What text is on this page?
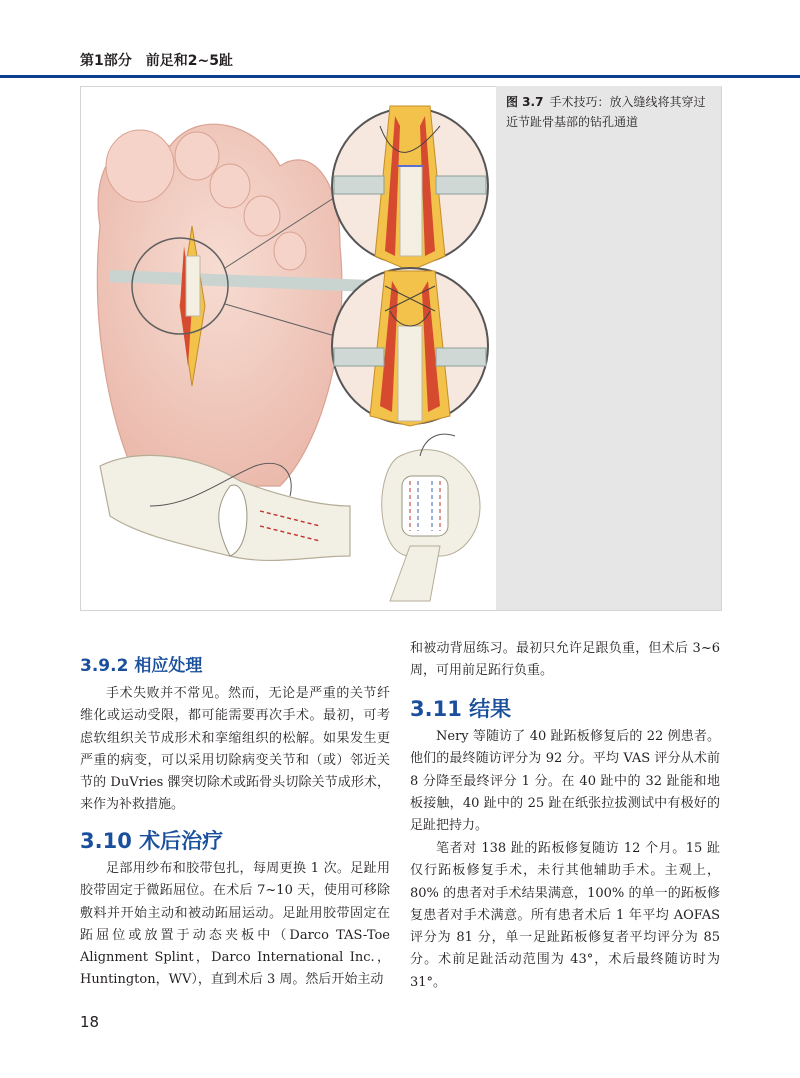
第1部分　前足和2~5趾
图 3.7 手术技巧：放入缝线将其穿过近节趾骨基部的钻孔通道
3.9.2 相应处理

手术失败并不常见。然而，无论是严重的关节纤维化或运动受限，都可能需要再次手术。最初，可考虑软组织关节成形术和挛缩组织的松解。如果发生更严重的病变，可以采用切除病变关节和（或）邻近关节的 DuVries 髁突切除术或跖骨头切除关节成形术，来作为补救措施。

3.10 术后治疗

足部用纱布和胶带包扎，每周更换 1 次。足趾用胶带固定于微跖屈位。在术后 7~10 天，使用可移除敷料并开始主动和被动跖屈运动。足趾用胶带固定在跖屈位或放置于动态夹板中（Darco TAS-Toe Alignment Splint，Darco International Inc.，Huntington，WV），直到术后 3 周。然后开始主动

和被动背屈练习。最初只允许足跟负重，但术后 3~6 周，可用前足跖行负重。

3.11 结果

Nery 等随访了 40 趾跖板修复后的 22 例患者。他们的最终随访评分为 92 分。平均 VAS 评分从术前 8 分降至最终评分 1 分。在 40 趾中的 32 趾能和地板接触，40 趾中的 25 趾在纸张拉拔测试中有极好的足趾把持力。

笔者对 138 趾的跖板修复随访 12 个月。15 趾仅行跖板修复手术，未行其他辅助手术。主观上，80% 的患者对手术结果满意，100% 的单一的跖板修复患者对手术满意。所有患者术后 1 年平均 AOFAS 评分为 81 分，单一足趾跖板修复者平均评分为 85 分。术前足趾活动范围为 43°，术后最终随访时为 31°。

18
